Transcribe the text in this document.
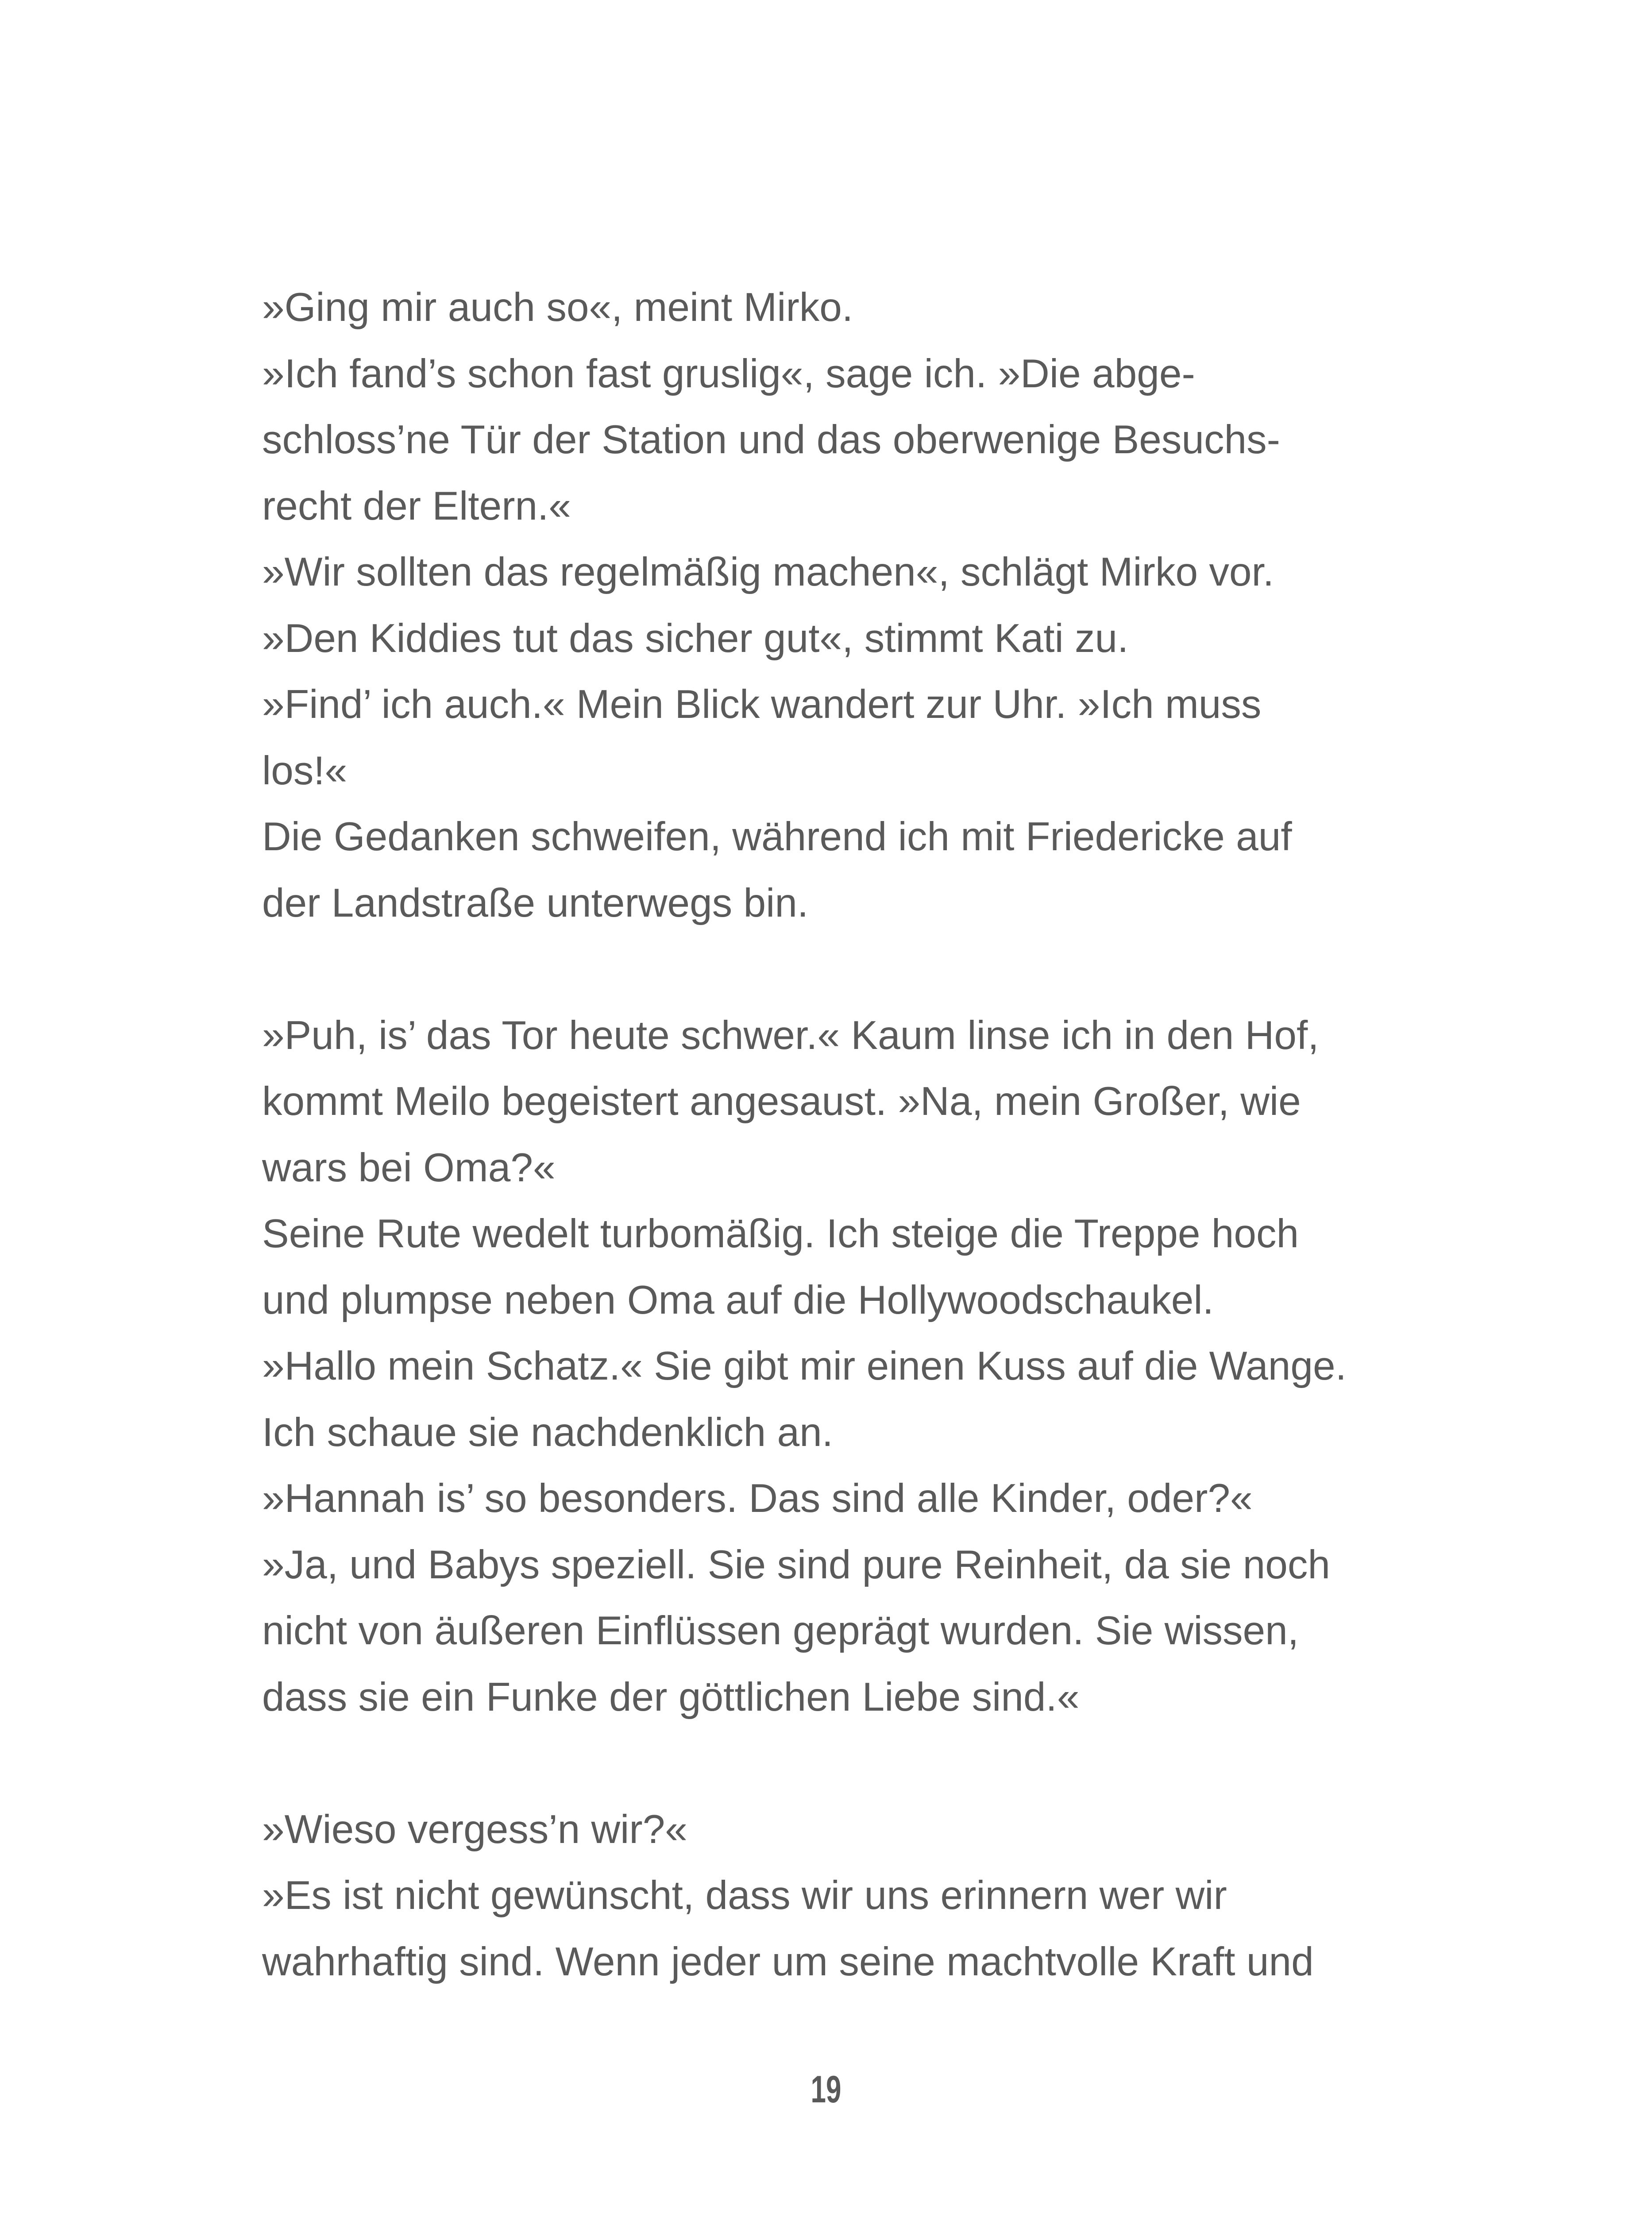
»Ging mir auch so«, meint Mirko.

»Ich fand’s schon fast gruslig«, sage ich. »Die abge-

schloss’ne Tür der Station und das oberwenige Besuchs-

recht der Eltern.«

»Wir sollten das regelmäßig machen«, schlägt Mirko vor.

»Den Kiddies tut das sicher gut«, stimmt Kati zu.

»Find’ ich auch.« Mein Blick wandert zur Uhr. »Ich muss

los!«

Die Gedanken schweifen, während ich mit Friedericke auf

der Landstraße unterwegs bin.

»Puh, is’ das Tor heute schwer.« Kaum linse ich in den Hof,

kommt Meilo begeistert angesaust. »Na, mein Großer, wie

wars bei Oma?«

Seine Rute wedelt turbomäßig. Ich steige die Treppe hoch

und plumpse neben Oma auf die Hollywoodschaukel.

»Hallo mein Schatz.« Sie gibt mir einen Kuss auf die Wange.

Ich schaue sie nachdenklich an.

»Hannah is’ so besonders. Das sind alle Kinder, oder?«

»Ja, und Babys speziell. Sie sind pure Reinheit, da sie noch

nicht von äußeren Einflüssen geprägt wurden. Sie wissen,

dass sie ein Funke der göttlichen Liebe sind.«

»Wieso vergess’n wir?«

»Es ist nicht gewünscht, dass wir uns erinnern wer wir

wahrhaftig sind. Wenn jeder um seine machtvolle Kraft und

19
